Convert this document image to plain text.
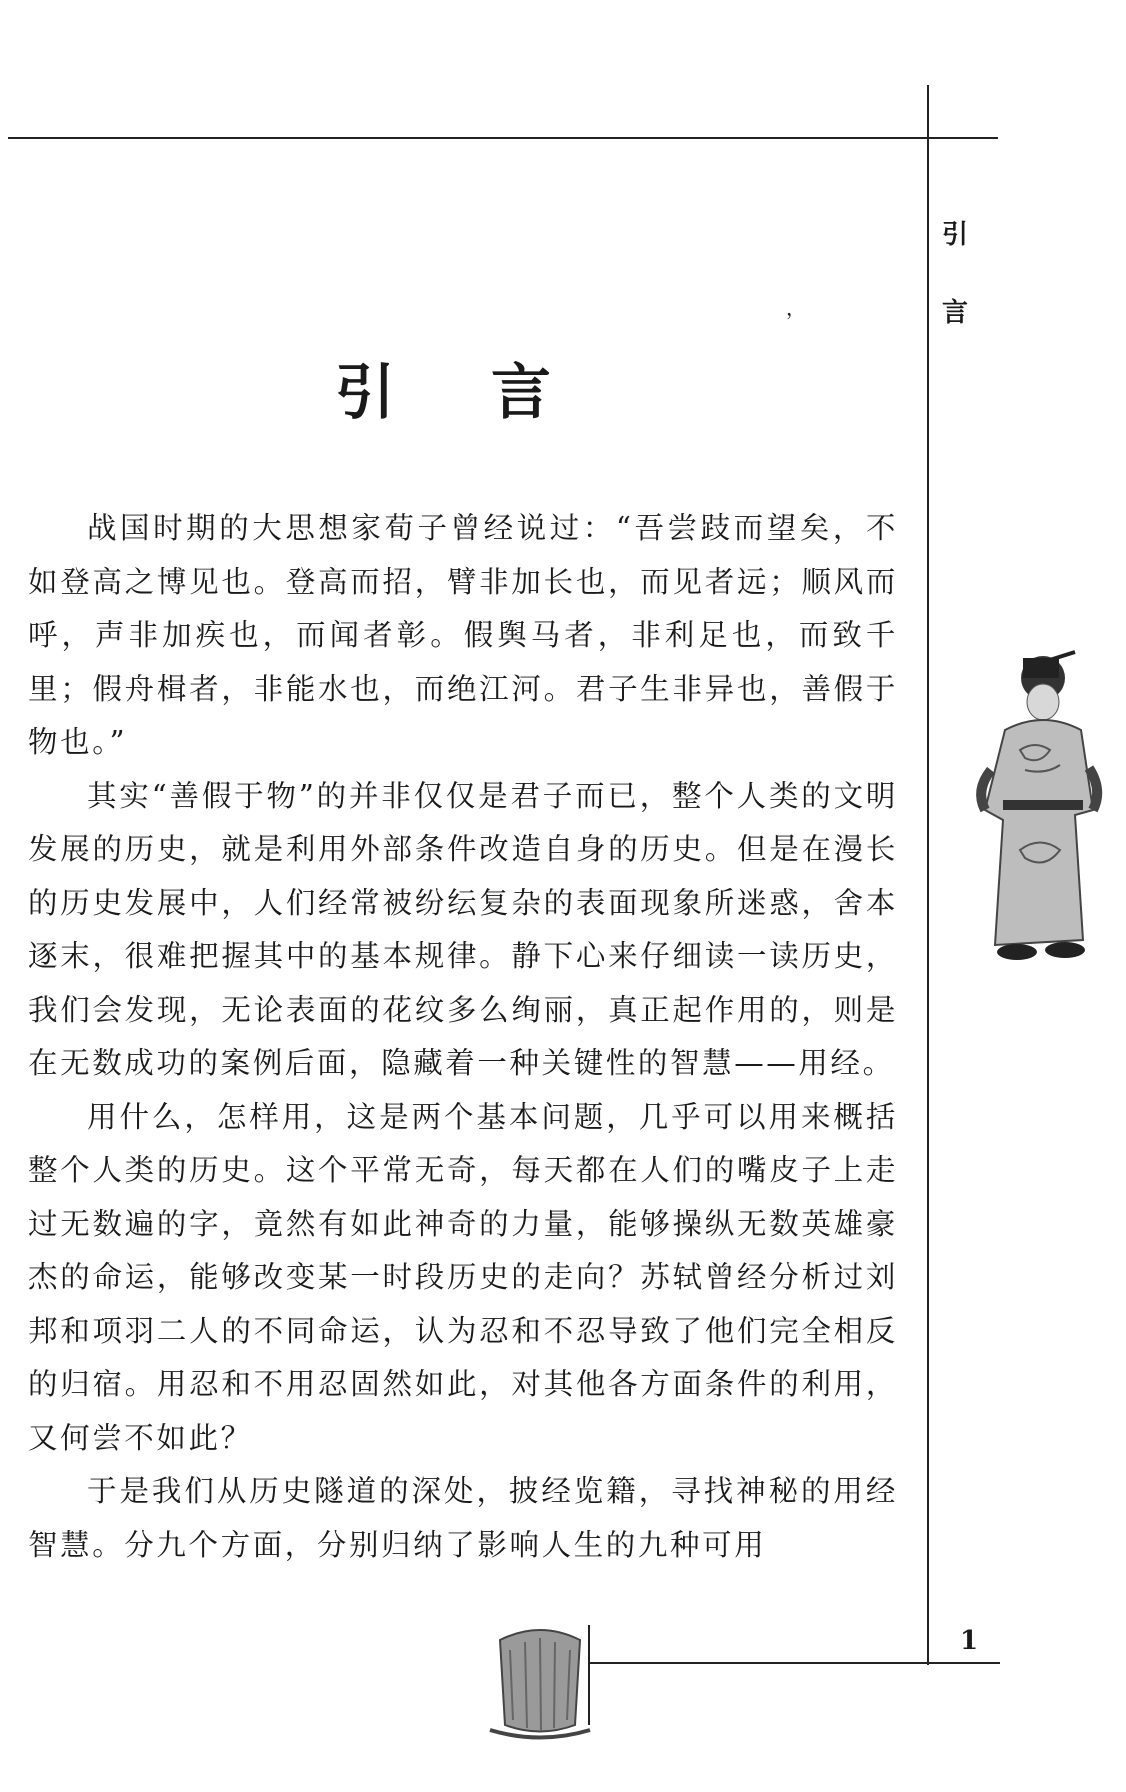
引
言
，
引 言

战国时期的大思想家荀子曾经说过：“吾尝跂而望矣，不如登高之博见也。登高而招，臂非加长也，而见者远；顺风而呼，声非加疾也，而闻者彰。假舆马者，非利足也，而致千里；假舟楫者，非能水也，而绝江河。君子生非异也，善假于物也。”

其实“善假于物”的并非仅仅是君子而已，整个人类的文明发展的历史，就是利用外部条件改造自身的历史。但是在漫长的历史发展中，人们经常被纷纭复杂的表面现象所迷惑，舍本逐末，很难把握其中的基本规律。静下心来仔细读一读历史，我们会发现，无论表面的花纹多么绚丽，真正起作用的，则是在无数成功的案例后面，隐藏着一种关键性的智慧——用经。

用什么，怎样用，这是两个基本问题，几乎可以用来概括整个人类的历史。这个平常无奇，每天都在人们的嘴皮子上走过无数遍的字，竟然有如此神奇的力量，能够操纵无数英雄豪杰的命运，能够改变某一时段历史的走向？苏轼曾经分析过刘邦和项羽二人的不同命运，认为忍和不忍导致了他们完全相反的归宿。用忍和不用忍固然如此，对其他各方面条件的利用，又何尝不如此？

于是我们从历史隧道的深处，披经览籍，寻找神秘的用经智慧。分九个方面，分别归纳了影响人生的九种可用

1
